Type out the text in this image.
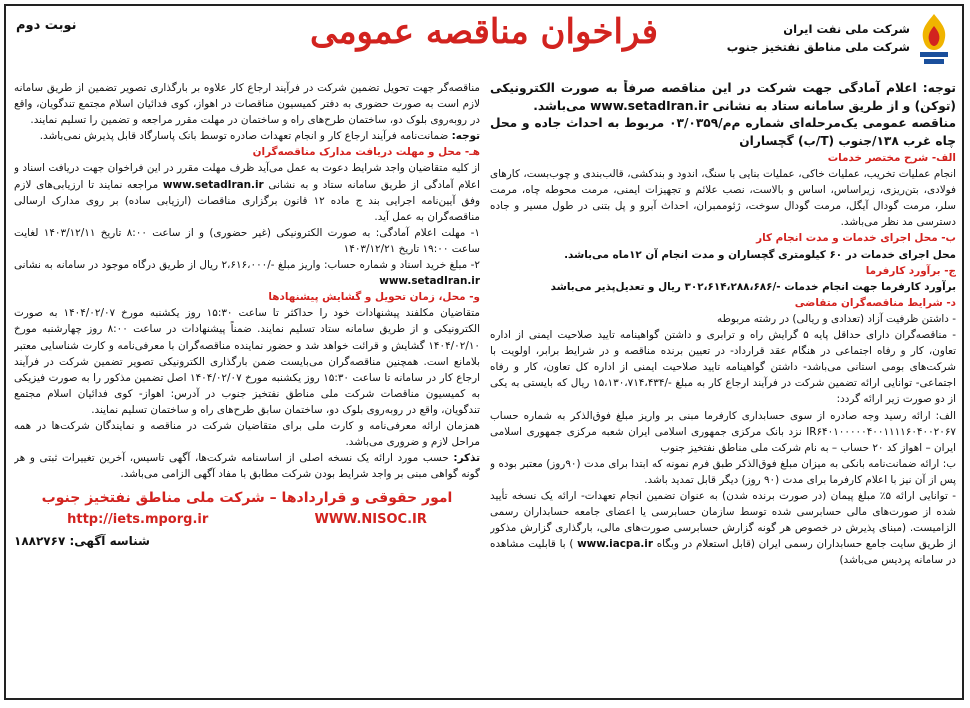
شرکت ملی نفت ایران
شرکت ملی مناطق نفتخیز جنوب
فراخوان مناقصه عمومی
نوبت دوم

توجه: اعلام آمادگی جهت شرکت در این مناقصه صرفاً به صورت الکترونیکی (توکن) و از طریق سامانه ستاد به نشانی www.setadIran.ir می‌باشد.

مناقصه عمومی یک‌مرحله‌ای شماره م‌م/۰۳/۰۳۵۹ مربوط به احداث جاده و محل چاه غرب ۱۳۸/جنوب (T/ب) گچساران

الف- شرح مختصر خدمات

انجام عملیات تخریب، عملیات خاکی، عملیات بنایی با سنگ، اندود و بندکشی، قالب‌بندی و چوب‌بست، کارهای فولادی، بتن‌ریزی، زیراساس، اساس و بالاست، نصب علائم و تجهیزات ایمنی، مرمت محوطه چاه، مرمت سلر، مرمت گودال آیگل، مرمت گودال سوخت، ژئوممبران، احداث آبرو و پل بتنی در طول مسیر و جاده دسترسی مد نظر می‌باشد.

ب- محل اجرای خدمات و مدت انجام کار

محل اجرای خدمات در ۶۰ کیلومتری گچساران و مدت انجام آن ۱۲ماه می‌باشد.

ج- برآورد کارفرما

برآورد کارفرما جهت انجام خدمات -/۳۰۲،۶۱۴،۲۸۸،۶۸۶ ریال و تعدیل‌پذیر می‌باشد

د- شرایط مناقصه‌گران متقاضی

- داشتن ظرفیت آزاد (تعدادی و ریالی) در رشته مربوطه

- مناقصه‌گران دارای حداقل پایه ۵ گرایش راه و ترابری و داشتن گواهینامه تایید صلاحیت ایمنی از اداره تعاون، کار و رفاه اجتماعی در هنگام عقد قرارداد- در تعیین برنده مناقصه و در شرایط برابر، اولویت با شرکت‌های بومی استانی می‌باشد- داشتن گواهینامه تایید صلاحیت ایمنی از اداره کل تعاون، کار و رفاه اجتماعی- توانایی ارائه تضمین شرکت در فرآیند ارجاع کار به مبلغ -/۱۵،۱۳۰،۷۱۴،۴۳۴ ریال که بایستی به یکی از دو صورت زیر ارائه گردد:

الف: ارائه رسید وجه صادره از سوی حسابداری کارفرما مبنی بر واریز مبلغ فوق‌الذکر به شماره حساب IR۶۴۰۱۰۰۰۰۰۴۰۰۱۱۱۱۶۰۴۰۰۲۰۶۷ نزد بانک مرکزی جمهوری اسلامی ایران شعبه مرکزی جمهوری اسلامی ایران – اهواز کد ۲۰ حساب – به نام شرکت ملی مناطق نفتخیز جنوب

ب: ارائه ضمانت‌نامه بانکی به میزان مبلغ فوق‌الذکر طبق فرم نمونه که ابتدا برای مدت (۹۰روز) معتبر بوده و پس از آن نیز با اعلام کارفرما برای مدت (۹۰ روز) دیگر قابل تمدید باشد.

- توانایی ارائه ۵٪ مبلغ پیمان (در صورت برنده شدن) به عنوان تضمین انجام تعهدات- ارائه یک نسخه تأیید شده از صورت‌های مالی حسابرسی شده توسط سازمان حسابرسی یا اعضای جامعه حسابداران رسمی الزامیست. (مبنای پذیرش در خصوص هر گونه گزارش حسابرسی صورت‌های مالی، بارگذاری گزارش مذکور از طریق سایت جامع حسابداران رسمی ایران (قابل استعلام در وبگاه www.iacpa.ir ) با قابلیت مشاهده در سامانه پردیس می‌باشد)

مناقصه‌گر جهت تحویل تضمین شرکت در فرآیند ارجاع کار علاوه بر بارگذاری تصویر تضمین از طریق سامانه لازم است به صورت حضوری به دفتر کمیسیون مناقصات در اهواز، کوی فدائیان اسلام مجتمع تندگویان، واقع در روبه‌روی بلوک دو، ساختمان طرح‌های راه و ساختمان در مهلت مقرر مراجعه و تضمین را تسلیم نمایند.

توجه: ضمانت‌نامه فرآیند ارجاع کار و انجام تعهدات صادره توسط بانک پاسارگاد قابل پذیرش نمی‌باشد.

هـ- محل و مهلت دریافت مدارک مناقصه‌گران

از کلیه متقاضیان واجد شرایط دعوت به عمل می‌آید ظرف مهلت مقرر در این فراخوان جهت دریافت اسناد و اعلام آمادگی از طریق سامانه ستاد و به نشانی www.setadIran.ir مراجعه نمایند تا ارزیابی‌های لازم وفق آیین‌نامه اجرایی بند ج ماده ۱۲ قانون برگزاری مناقصات (ارزیابی ساده) بر روی مدارک ارسالی مناقصه‌گران به عمل آید.

۱- مهلت اعلام آمادگی: به صورت الکترونیکی (غیر حضوری) و از ساعت ۸:۰۰ تاریخ ۱۴۰۳/۱۲/۱۱ لغایت ساعت ۱۹:۰۰ تاریخ ۱۴۰۳/۱۲/۲۱

۲- مبلغ خرید اسناد و شماره حساب: واریز مبلغ -/۲،۶۱۶،۰۰۰ ریال از طریق درگاه موجود در سامانه به نشانی www.setadIran.ir

و- محل، زمان تحویل و گشایش پیشنهادها

متقاضیان مکلفند پیشنهادات خود را حداکثر تا ساعت ۱۵:۳۰ روز یکشنبه مورخ ۱۴۰۴/۰۲/۰۷ به صورت الکترونیکی و از طریق سامانه ستاد تسلیم نمایند. ضمناً پیشنهادات در ساعت ۸:۰۰ روز چهارشنبه مورخ ۱۴۰۴/۰۲/۱۰ گشایش و قرائت خواهد شد و حضور نماینده مناقصه‌گران با معرفی‌نامه و کارت شناسایی معتبر بلامانع است. همچنین مناقصه‌گران می‌بایست ضمن بارگذاری الکترونیکی تصویر تضمین شرکت در فرآیند ارجاع کار در سامانه تا ساعت ۱۵:۳۰ روز یکشنبه مورخ ۱۴۰۴/۰۲/۰۷ اصل تضمین مذکور را به صورت فیزیکی به کمیسیون مناقصات شرکت ملی مناطق نفتخیز جنوب در آدرس: اهواز- کوی فدائیان اسلام مجتمع تندگویان، واقع در روبه‌روی بلوک دو، ساختمان سابق طرح‌های راه و ساختمان تسلیم نمایند.

همزمان ارائه معرفی‌نامه و کارت ملی برای متقاضیان شرکت در مناقصه و نمایندگان شرکت‌ها در همه مراحل لازم و ضروری می‌باشد.

تذکر: حسب مورد ارائه یک نسخه اصلی از اساسنامه شرکت‌ها، آگهی تاسیس، آخرین تغییرات ثبتی و هر گونه گواهی مبنی بر واجد شرایط بودن شرکت مطابق با مفاد آگهی الزامی می‌باشد.

امور حقوقی و قراردادها – شرکت ملی مناطق نفتخیز جنوب
http://iets.mporg.ir	WWW.NISOC.IR
شناسه آگهی: ۱۸۸۲۷۶۷
